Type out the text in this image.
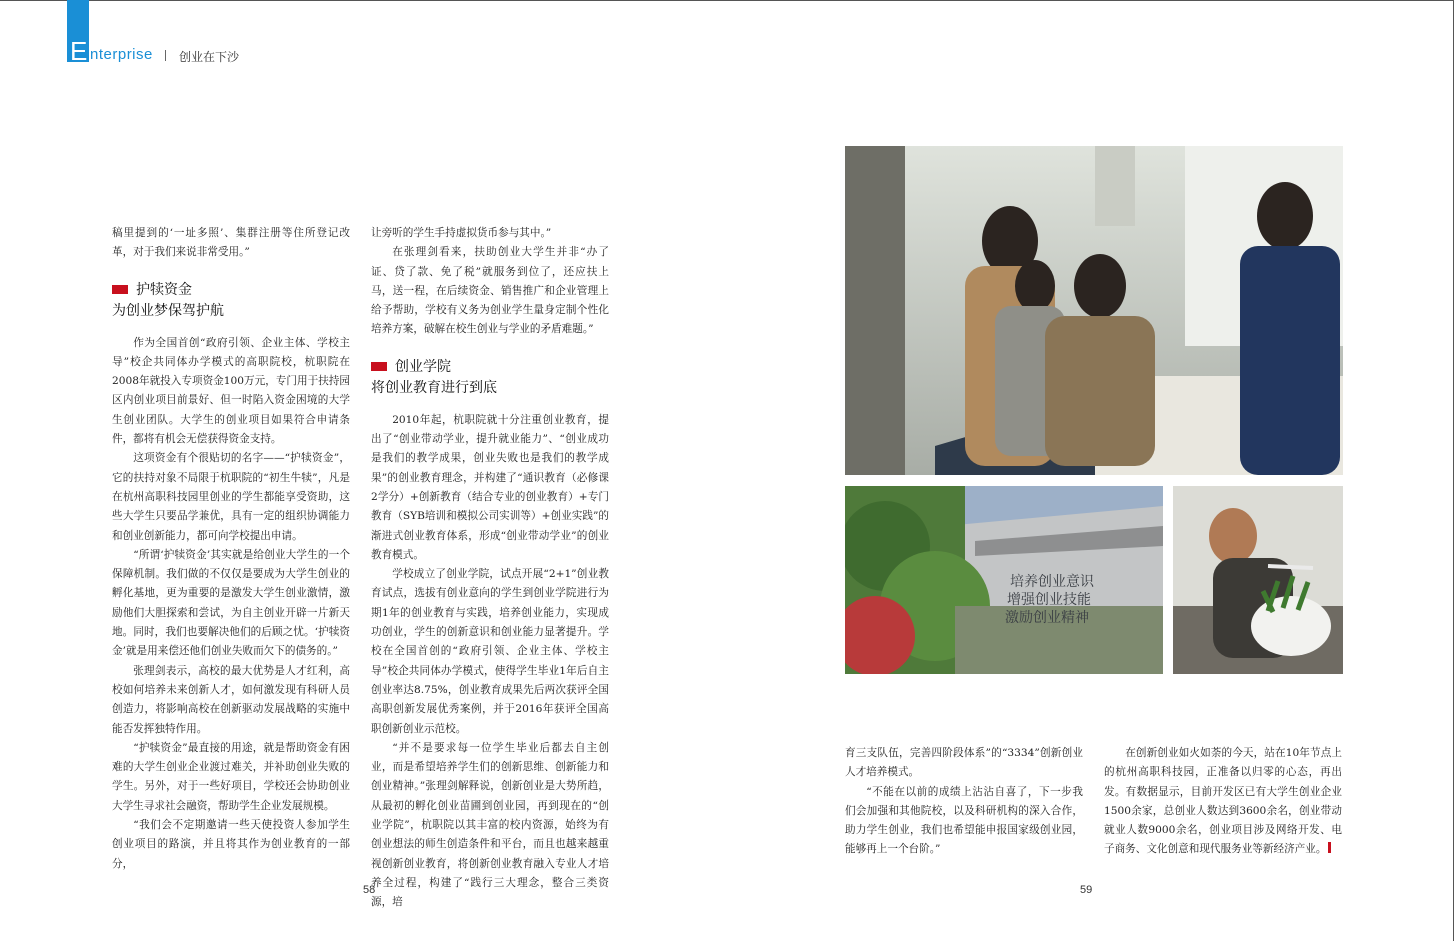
E nterprise 创业在下沙

稿里提到的‘一址多照’、集群注册等住所登记改革，对于我们来说非常受用。”

护犊资金
为创业梦保驾护航

作为全国首创“政府引领、企业主体、学校主导”校企共同体办学模式的高职院校，杭职院在2008年就投入专项资金100万元，专门用于扶持园区内创业项目前景好、但一时陷入资金困境的大学生创业团队。大学生的创业项目如果符合申请条件，都将有机会无偿获得资金支持。

这项资金有个很贴切的名字——“护犊资金”，它的扶持对象不局限于杭职院的“初生牛犊”，凡是在杭州高职科技园里创业的学生都能享受资助，这些大学生只要品学兼优，具有一定的组织协调能力和创业创新能力，都可向学校提出申请。

“所谓‘护犊资金’其实就是给创业大学生的一个保障机制。我们做的不仅仅是要成为大学生创业的孵化基地，更为重要的是激发大学生创业激情，激励他们大胆探索和尝试，为自主创业开辟一片新天地。同时，我们也要解决他们的后顾之忧。‘护犊资金’就是用来偿还他们创业失败而欠下的债务的。”

张理剑表示，高校的最大优势是人才红利，高校如何培养未来创新人才，如何激发现有科研人员创造力，将影响高校在创新驱动发展战略的实施中能否发挥独特作用。

“护犊资金”最直接的用途，就是帮助资金有困难的大学生创业企业渡过难关，并补助创业失败的学生。另外，对于一些好项目，学校还会协助创业大学生寻求社会融资，帮助学生企业发展规模。

“我们会不定期邀请一些天使投资人参加学生创业项目的路演，并且将其作为创业教育的一部分，

让旁听的学生手持虚拟货币参与其中。”

在张理剑看来，扶助创业大学生并非“办了证、贷了款、免了税”就服务到位了，还应扶上马，送一程，在后续资金、销售推广和企业管理上给予帮助，学校有义务为创业学生量身定制个性化培养方案，破解在校生创业与学业的矛盾难题。”

创业学院
将创业教育进行到底

2010年起，杭职院就十分注重创业教育，提出了“创业带动学业，提升就业能力”、“创业成功是我们的教学成果，创业失败也是我们的教学成果”的创业教育理念，并构建了“通识教育（必修课2学分）+创新教育（结合专业的创业教育）+专门教育（SYB培训和模拟公司实训等）+创业实践”的渐进式创业教育体系，形成“创业带动学业”的创业教育模式。

学校成立了创业学院，试点开展“2+1”创业教育试点，选拔有创业意向的学生到创业学院进行为期1年的创业教育与实践，培养创业能力，实现成功创业，学生的创新意识和创业能力显著提升。学校在全国首创的“政府引领、企业主体、学校主导”校企共同体办学模式，使得学生毕业1年后自主创业率达8.75%，创业教育成果先后两次获评全国高职创新发展优秀案例，并于2016年获评全国高职创新创业示范校。

“并不是要求每一位学生毕业后都去自主创业，而是希望培养学生们的创新思维、创新能力和创业精神。”张理剑解释说，创新创业是大势所趋，从最初的孵化创业苗圃到创业园，再到现在的“创业学院”，杭职院以其丰富的校内资源，始终为有创业想法的师生创造条件和平台，而且也越来越重视创新创业教育，将创新创业教育融入专业人才培养全过程，构建了“践行三大理念，整合三类资源，培

58
培养创业意识
增强创业技能
激励创业精神

育三支队伍，完善四阶段体系”的“3334”创新创业人才培养模式。

“不能在以前的成绩上沾沾自喜了，下一步我们会加强和其他院校，以及科研机构的深入合作，助力学生创业，我们也希望能申报国家级创业园，能够再上一个台阶。”

在创新创业如火如荼的今天，站在10年节点上的杭州高职科技园，正准备以归零的心态，再出发。有数据显示，目前开发区已有大学生创业企业1500余家，总创业人数达到3600余名，创业带动就业人数9000余名，创业项目涉及网络开发、电子商务、文化创意和现代服务业等新经济产业。

59
